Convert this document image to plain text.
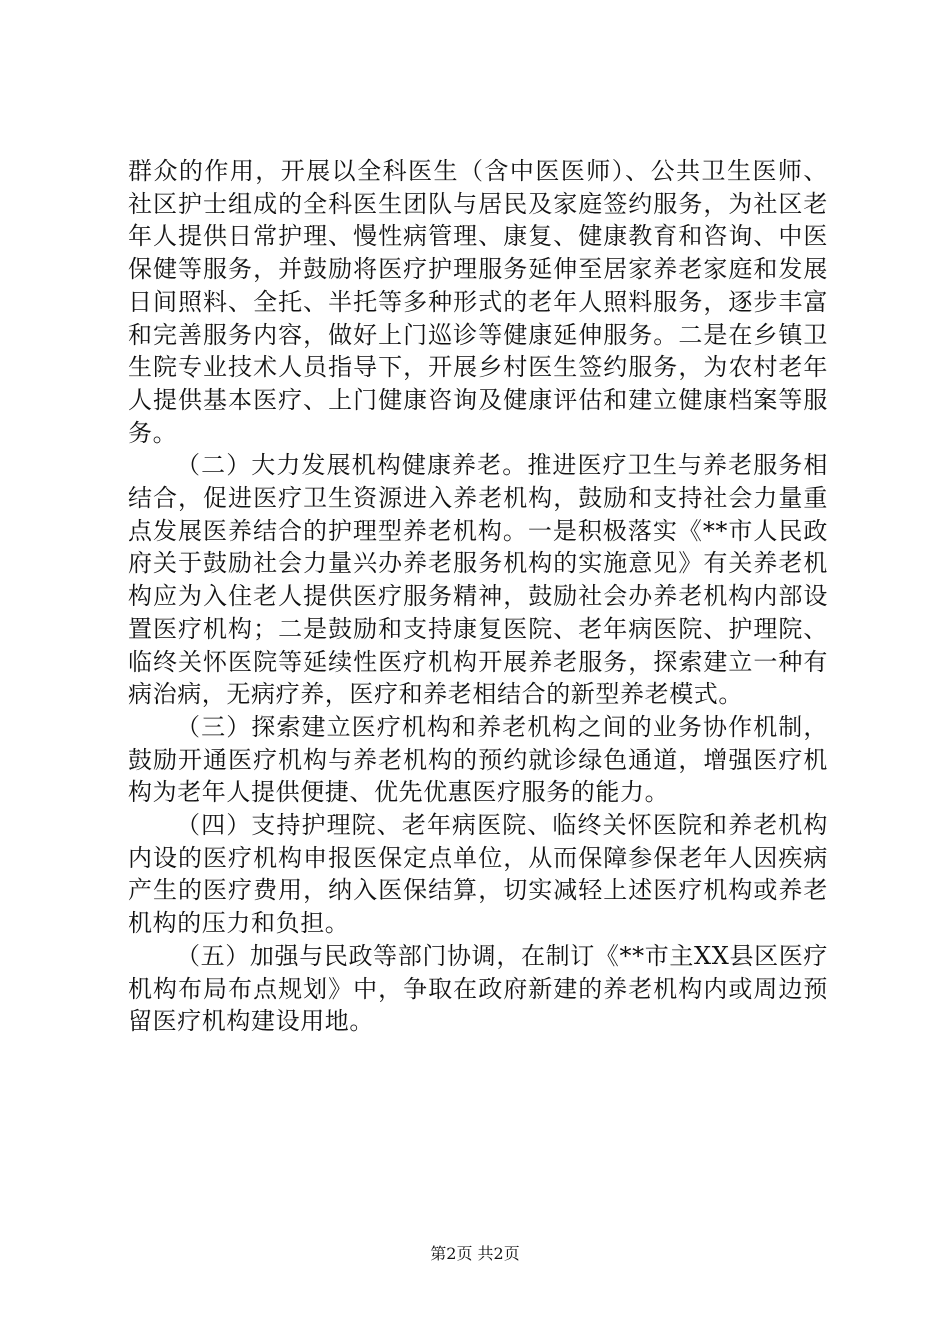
群众的作用，开展以全科医生（含中医医师）、公共卫生医师、社区护士组成的全科医生团队与居民及家庭签约服务，为社区老年人提供日常护理、慢性病管理、康复、健康教育和咨询、中医保健等服务，并鼓励将医疗护理服务延伸至居家养老家庭和发展日间照料、全托、半托等多种形式的老年人照料服务，逐步丰富和完善服务内容，做好上门巡诊等健康延伸服务。二是在乡镇卫生院专业技术人员指导下，开展乡村医生签约服务，为农村老年人提供基本医疗、上门健康咨询及健康评估和建立健康档案等服务。

（二）大力发展机构健康养老。推进医疗卫生与养老服务相结合，促进医疗卫生资源进入养老机构，鼓励和支持社会力量重点发展医养结合的护理型养老机构。一是积极落实《**市人民政府关于鼓励社会力量兴办养老服务机构的实施意见》有关养老机构应为入住老人提供医疗服务精神，鼓励社会办养老机构内部设置医疗机构；二是鼓励和支持康复医院、老年病医院、护理院、临终关怀医院等延续性医疗机构开展养老服务，探索建立一种有病治病，无病疗养，医疗和养老相结合的新型养老模式。

（三）探索建立医疗机构和养老机构之间的业务协作机制，鼓励开通医疗机构与养老机构的预约就诊绿色通道，增强医疗机构为老年人提供便捷、优先优惠医疗服务的能力。

（四）支持护理院、老年病医院、临终关怀医院和养老机构内设的医疗机构申报医保定点单位，从而保障参保老年人因疾病产生的医疗费用，纳入医保结算，切实减轻上述医疗机构或养老机构的压力和负担。

（五）加强与民政等部门协调，在制订《**市主XX县区医疗机构布局布点规划》中，争取在政府新建的养老机构内或周边预留医疗机构建设用地。

第2页 共2页
